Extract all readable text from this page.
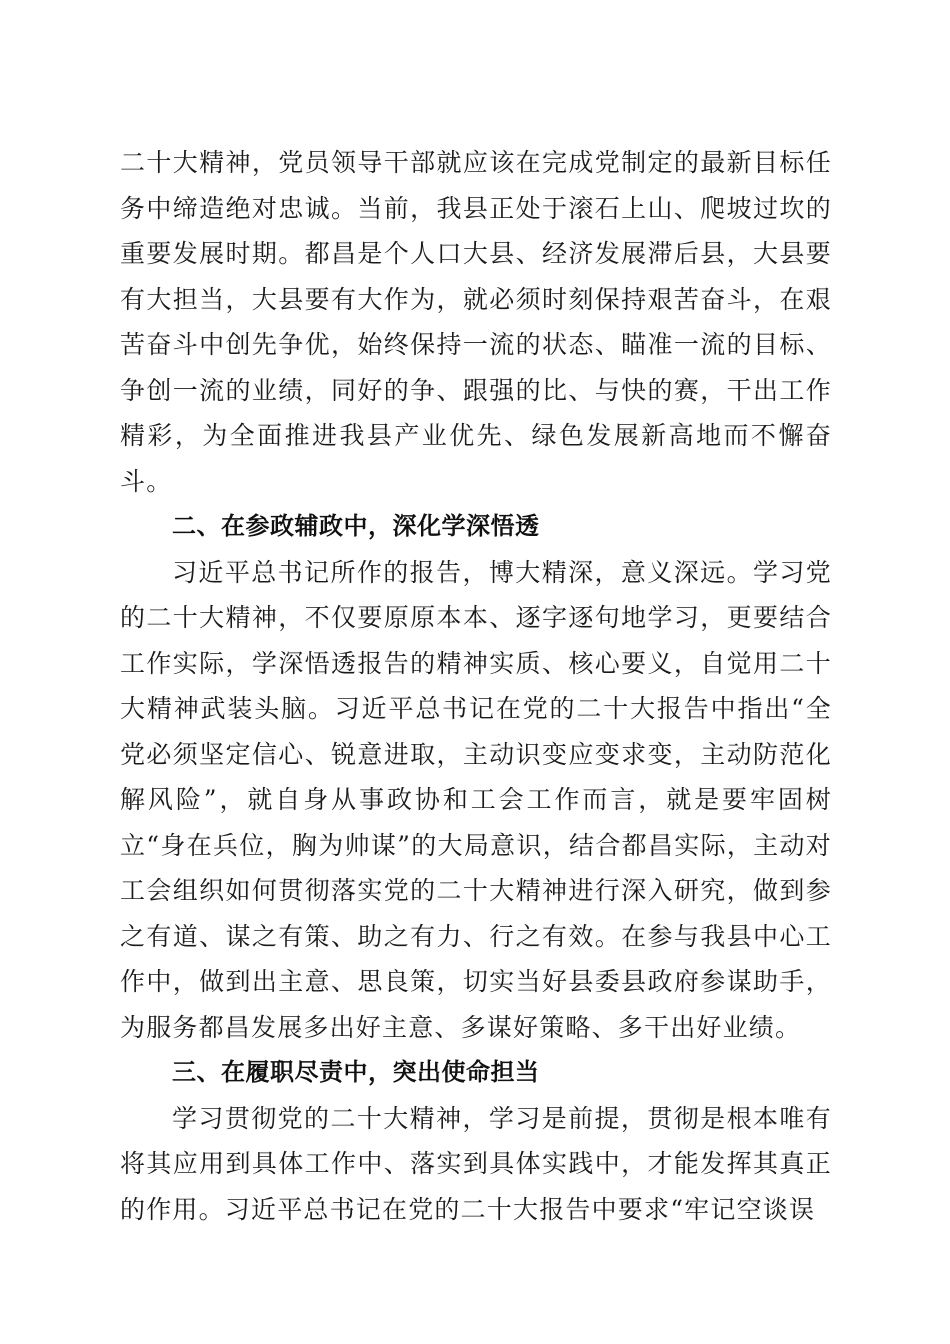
二十大精神，党员领导干部就应该在完成党制定的最新目标任务中缔造绝对忠诚。当前，我县正处于滚石上山、爬坡过坎的重要发展时期。都昌是个人口大县、经济发展滞后县，大县要有大担当，大县要有大作为，就必须时刻保持艰苦奋斗，在艰苦奋斗中创先争优，始终保持一流的状态、瞄准一流的目标、争创一流的业绩，同好的争、跟强的比、与快的赛，干出工作精彩，为全面推进我县产业优先、绿色发展新高地而不懈奋斗。

二、在参政辅政中，深化学深悟透

习近平总书记所作的报告，博大精深，意义深远。学习党的二十大精神，不仅要原原本本、逐字逐句地学习，更要结合工作实际，学深悟透报告的精神实质、核心要义，自觉用二十大精神武装头脑。习近平总书记在党的二十大报告中指出“全党必须坚定信心、锐意进取，主动识变应变求变，主动防范化解风险”，就自身从事政协和工会工作而言，就是要牢固树立“身在兵位，胸为帅谋”的大局意识，结合都昌实际，主动对工会组织如何贯彻落实党的二十大精神进行深入研究，做到参之有道、谋之有策、助之有力、行之有效。在参与我县中心工作中，做到出主意、思良策，切实当好县委县政府参谋助手，为服务都昌发展多出好主意、多谋好策略、多干出好业绩。

三、在履职尽责中，突出使命担当

学习贯彻党的二十大精神，学习是前提，贯彻是根本唯有将其应用到具体工作中、落实到具体实践中，才能发挥其真正的作用。习近平总书记在党的二十大报告中要求“牢记空谈误
